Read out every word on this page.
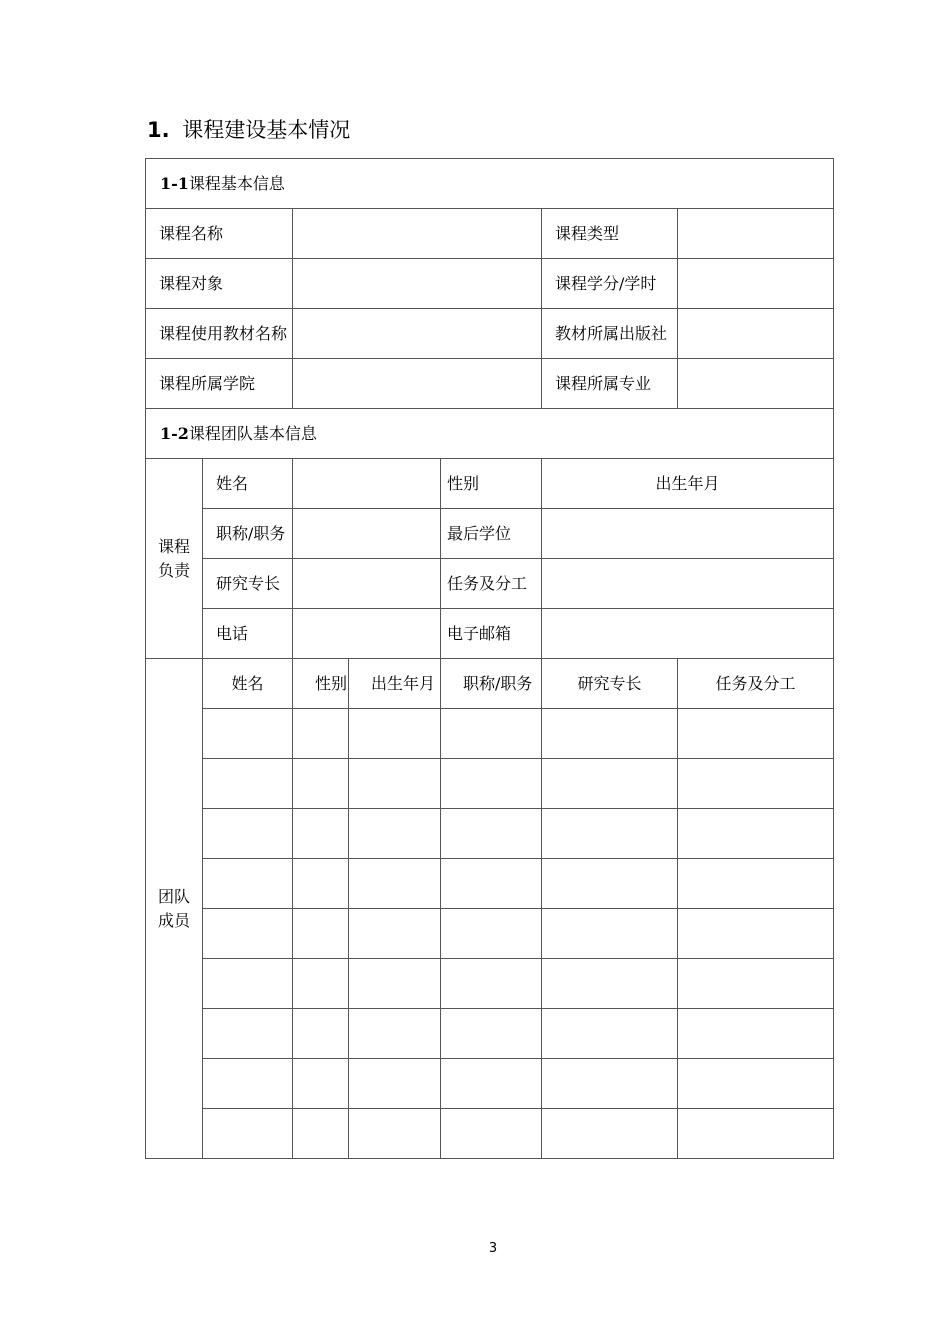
1. 课程建设基本情况
1-1课程基本信息						
课程名称					课程类型	
课程对象					课程学分/学时	
课程使用教材名称					教材所属出版社	
课程所属学院					课程所属专业	
1-2课程团队基本信息						

课程负责	姓名			性别	出生年月	
	职称/职务			最后学位		
	研究专长			任务及分工		
	电话			电子邮箱		

团队成员	姓名	性别	出生年月	职称/职务	研究专长	任务及分工

3
